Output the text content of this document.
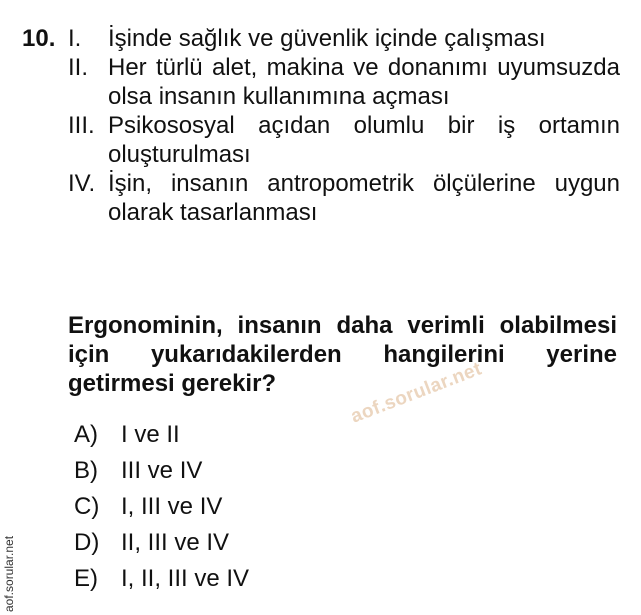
10. I.	İşinde sağlık ve güvenlik içinde çalışması
II. Her türlü alet, makina ve donanımı uyumsuzda olsa insanın kullanımına açması
III. Psikososyal açıdan olumlu bir iş ortamın oluşturulması
IV. İşin, insanın antropometrik ölçülerine uygun olarak tasarlanması
Ergonominin, insanın daha verimli olabilmesi için yukarıdakilerden hangilerini yerine getirmesi gerekir?
A) I ve II
B) III ve IV
C) I, III ve IV
D) II, III ve IV
E) I, II, III ve IV
aof.sorular.net
aof.sorular.net
